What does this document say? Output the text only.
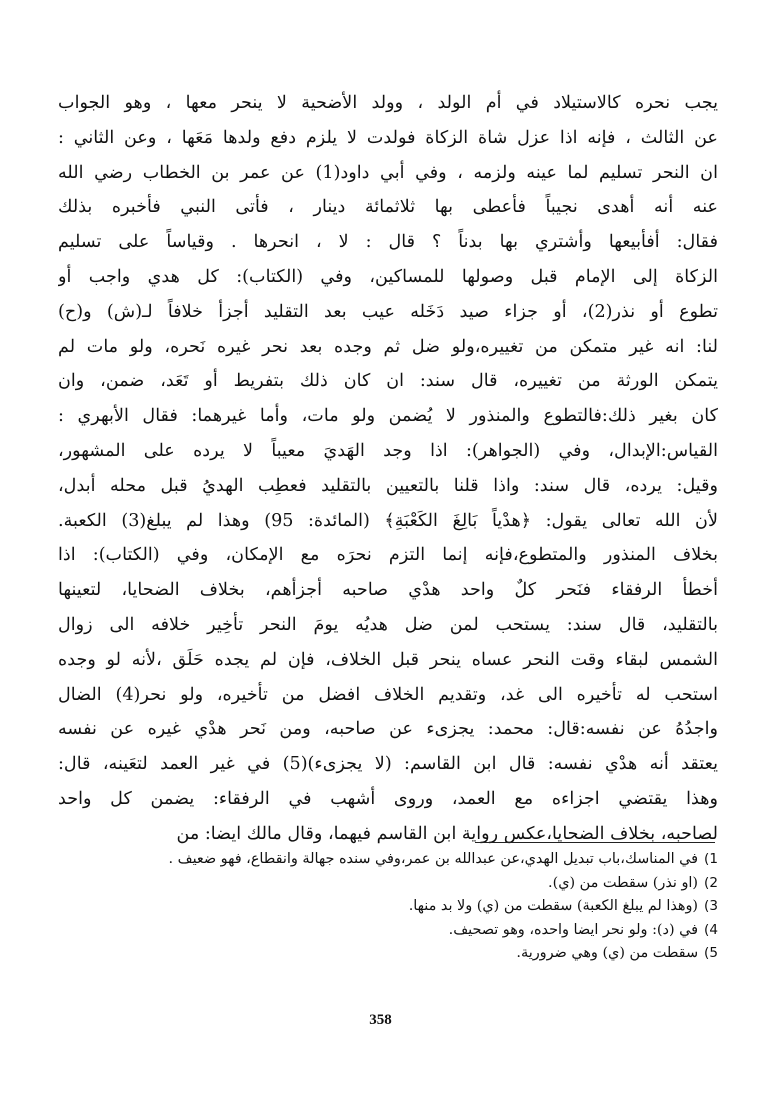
يجب نحره كالاستيلاد في أم الولد ، وولد الأضحية لا ينحر معها ، وهو الجواب
عن الثالث ، فإنه اذا عزل شاة الزكاة فولدت لا يلزم دفع ولدها مَعَها ، وعن الثاني :
ان النحر تسليم لما عينه ولزمه ، وفي أبي داود(1) عن عمر بن الخطاب رضي الله
عنه أنه أهدى نجيباً فأعطى بها ثلاثمائة دينار ، فأتى النبي فأخبره بذلك
فقال: أفأبيعها وأشتري بها بدناً ؟ قال : لا ، انحرها . وقياساً على تسليم
الزكاة إلى الإمام قبل وصولها للمساكين، وفي (الكتاب): كل هدي واجب أو
تطوع أو نذر(2)، أو جزاء صيد دَخَله عيب بعد التقليد أجزأ خلافاً لـ(ش) و(ح)
لنا: انه غير متمكن من تغييره،ولو ضل ثم وجده بعد نحر غيره نَحره، ولو مات لم
يتمكن الورثة من تغييره، قال سند: ان كان ذلك بتفريط أو تَعَد، ضمن، وان
كان بغير ذلك:فالتطوع والمنذور لا يُضمن ولو مات، وأما غيرهما: فقال الأبهري :
القياس:الإبدال، وفي (الجواهر): اذا وجد الهَديَ معيباً لا يرده على المشهور،
وقيل: يرده، قال سند: واذا قلنا بالتعيين بالتقليد فعطِب الهديُ قبل محله أبدل،
لأن الله تعالى يقول: ﴿هدْياً بَالِغَ الكَعْبَةِ﴾ (المائدة: 95) وهذا لم يبلغ(3) الكعبة.
بخلاف المنذور والمتطوع،فإنه إنما التزم نحرَه مع الإمكان، وفي (الكتاب): اذا
أخطأ الرفقاء فنَحر كلٌ واحد هدْي صاحبه أجزأهم، بخلاف الضحايا، لتعينها
بالتقليد، قال سند: يستحب لمن ضل هديُه يومَ النحر تأخِير خلافه الى زوال
الشمس لبقاء وقت النحر عساه ينحر قبل الخلاف، فإن لم يجده حَلَق ،لأنه لو وجده
استحب له تأخيره الى غد، وتقديم الخلاف افضل من تأخيره، ولو نحر(4) الضال
واجدُهُ عن نفسه:قال: محمد: يجزىء عن صاحبه، ومن نَحر هدْي غيره عن نفسه
يعتقد أنه هدْي نفسه: قال ابن القاسم: (لا يجزىء)(5) في غير العمد لتعَينه، قال:
وهذا يقتضي اجزاءه مع العمد، وروى أشهب في الرفقاء: يضمن كل واحد
لصاحبه، بخلاف الضحايا،عكس رواية ابن القاسم فيهما، وقال مالك ايضا: من
1)في المناسك،باب تبديل الهدي،عن عبدالله بن عمر،وفي سنده جهالة وانقطاع، فهو ضعيف .
2)(او نذر) سقطت من (ي).
3)(وهذا لم يبلغ الكعبة) سقطت من (ي) ولا بد منها.
4)في (د): ولو نحر ايضا واحده، وهو تصحيف.
5)سقطت من (ي) وهي ضرورية.
358
